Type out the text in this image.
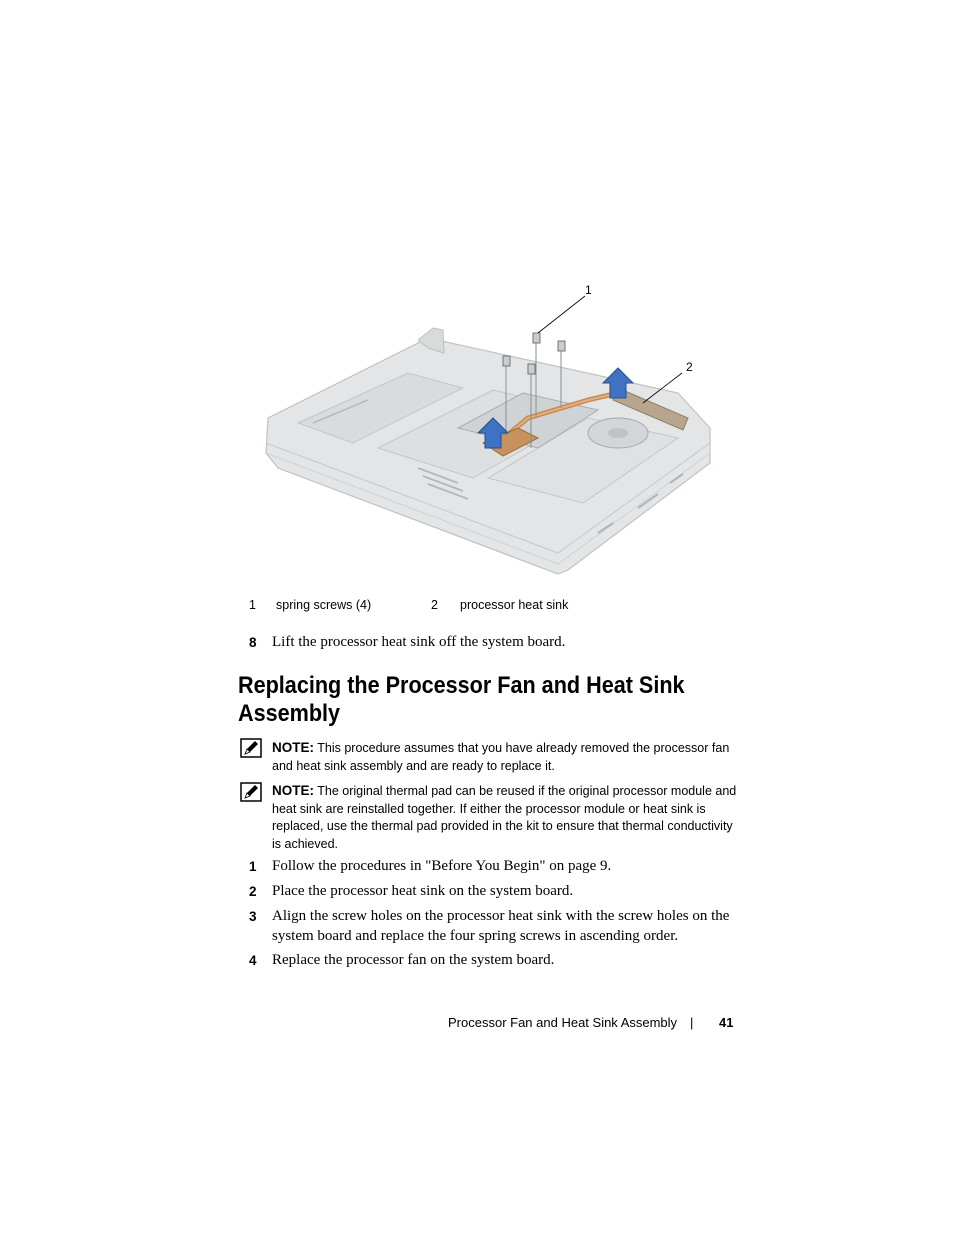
1
2
1 spring screws (4)	2 processor heat sink
8 Lift the processor heat sink off the system board.
Replacing the Processor Fan and Heat Sink Assembly
NOTE: This procedure assumes that you have already removed the processor fan and heat sink assembly and are ready to replace it.
NOTE: The original thermal pad can be reused if the original processor module and heat sink are reinstalled together. If either the processor module or heat sink is replaced, use the thermal pad provided in the kit to ensure that thermal conductivity is achieved.
1 Follow the procedures in "Before You Begin" on page 9.
2 Place the processor heat sink on the system board.
3 Align the screw holes on the processor heat sink with the screw holes on the system board and replace the four spring screws in ascending order.
4 Replace the processor fan on the system board.
Processor Fan and Heat Sink Assembly | 41
